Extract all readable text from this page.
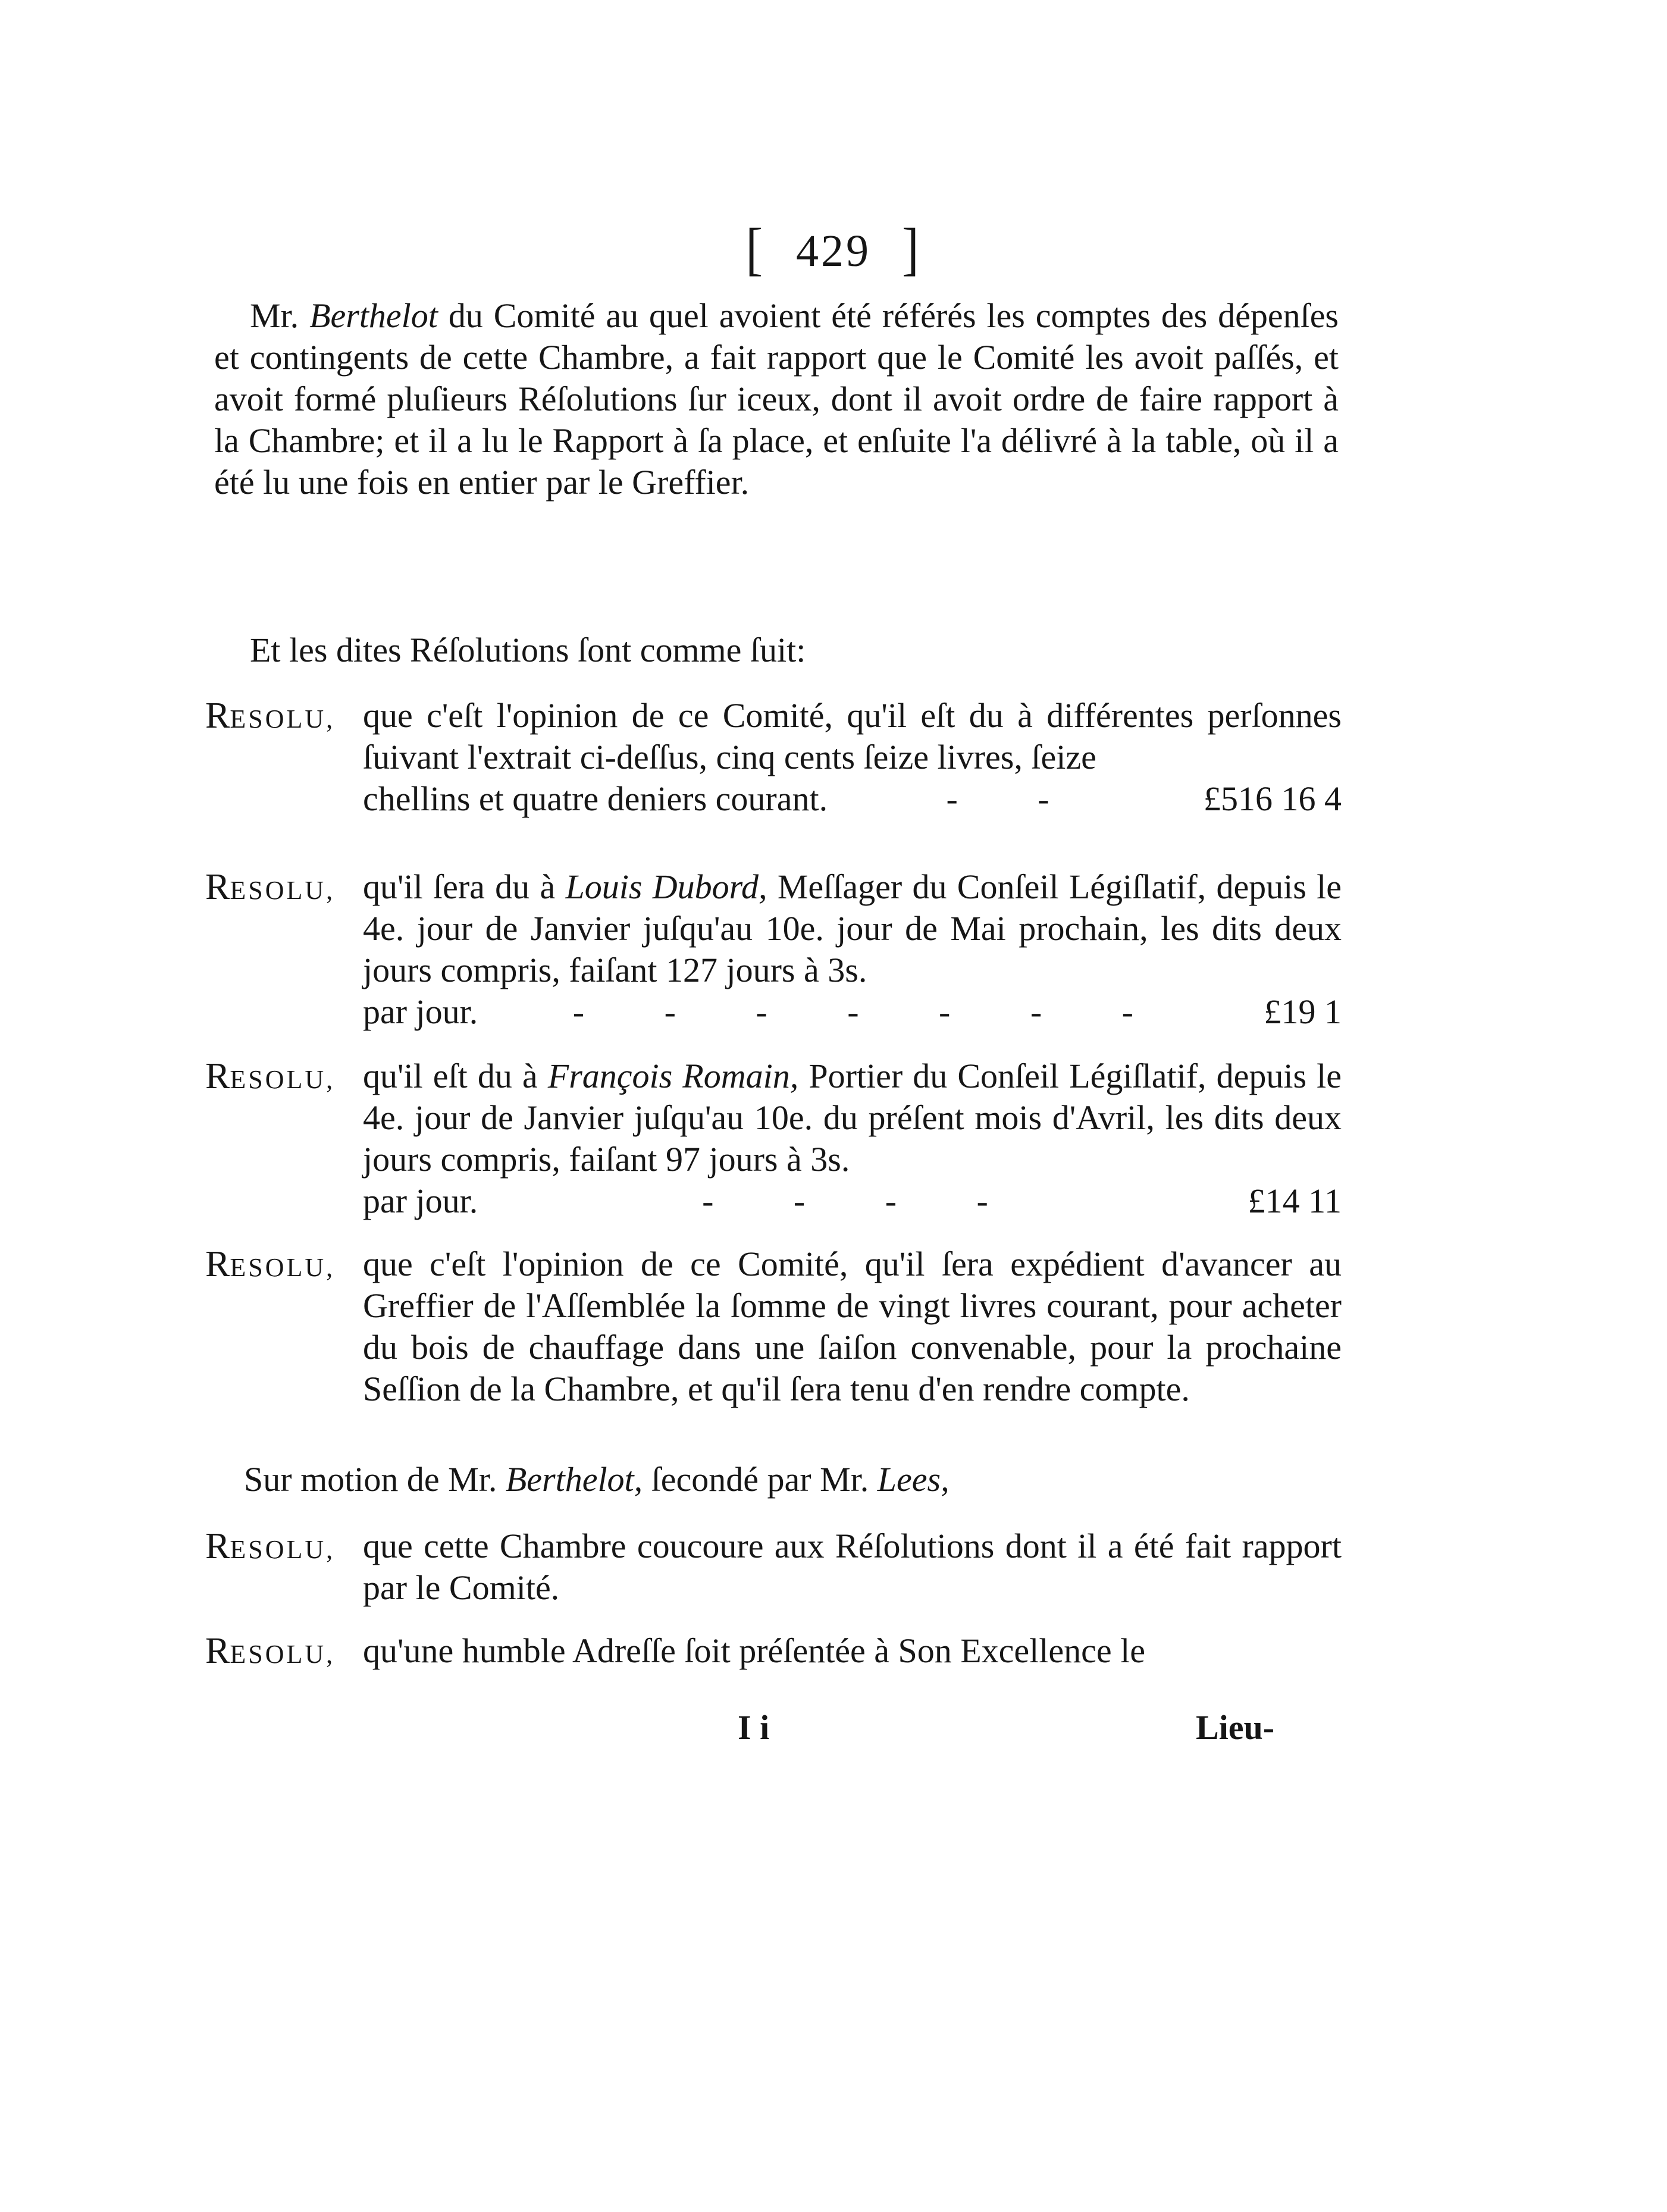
[ 429 ]
Mr. Berthelot du Comité au quel avoient été référés les comptes des dépenſes et contingents de cette Chambre, a fait rapport que le Comité les avoit paſſés, et avoit formé pluſieurs Réſolutions ſur iceux, dont il avoit ordre de faire rapport à la Chambre; et il a lu le Rapport à ſa place, et enſuite l'a délivré à la table, où il a été lu une fois en entier par le Greffier.
Et les dites Réſolutions ſont comme ſuit:
RESOLU, que c'eſt l'opinion de ce Comité, qu'il eſt du à différentes perſonnes ſuivant l'extrait ci-deſſus, cinq cents ſeize livres, ſeize
chellins et quatre deniers courant.	- -	£516 16 4
RESOLU, qu'il ſera du à Louis Dubord, Meſſager du Conſeil Légiſlatif, depuis le 4e. jour de Janvier juſqu'au 10e. jour de Mai prochain, les dits deux jours compris, faiſant 127 jours à 3s.
par jour.	- - - - - - -	£19 1
RESOLU, qu'il eſt du à François Romain, Portier du Conſeil Légiſlatif, depuis le 4e. jour de Janvier juſqu'au 10e. du préſent mois d'Avril, les dits deux jours compris, faiſant 97 jours à 3s.
par jour.	- - - -	£14 11
RESOLU, que c'eſt l'opinion de ce Comité, qu'il ſera expédient d'avancer au Greffier de l'Aſſemblée la ſomme de vingt livres courant, pour acheter du bois de chauffage dans une ſaiſon convenable, pour la prochaine Seſſion de la Chambre, et qu'il ſera tenu d'en rendre compte.
Sur motion de Mr. Berthelot, ſecondé par Mr. Lees,
RESOLU, que cette Chambre coucoure aux Réſolutions dont il a été fait rapport par le Comité.
RESOLU, qu'une humble Adreſſe ſoit préſentée à Son Excellence le
I i	Lieu-
